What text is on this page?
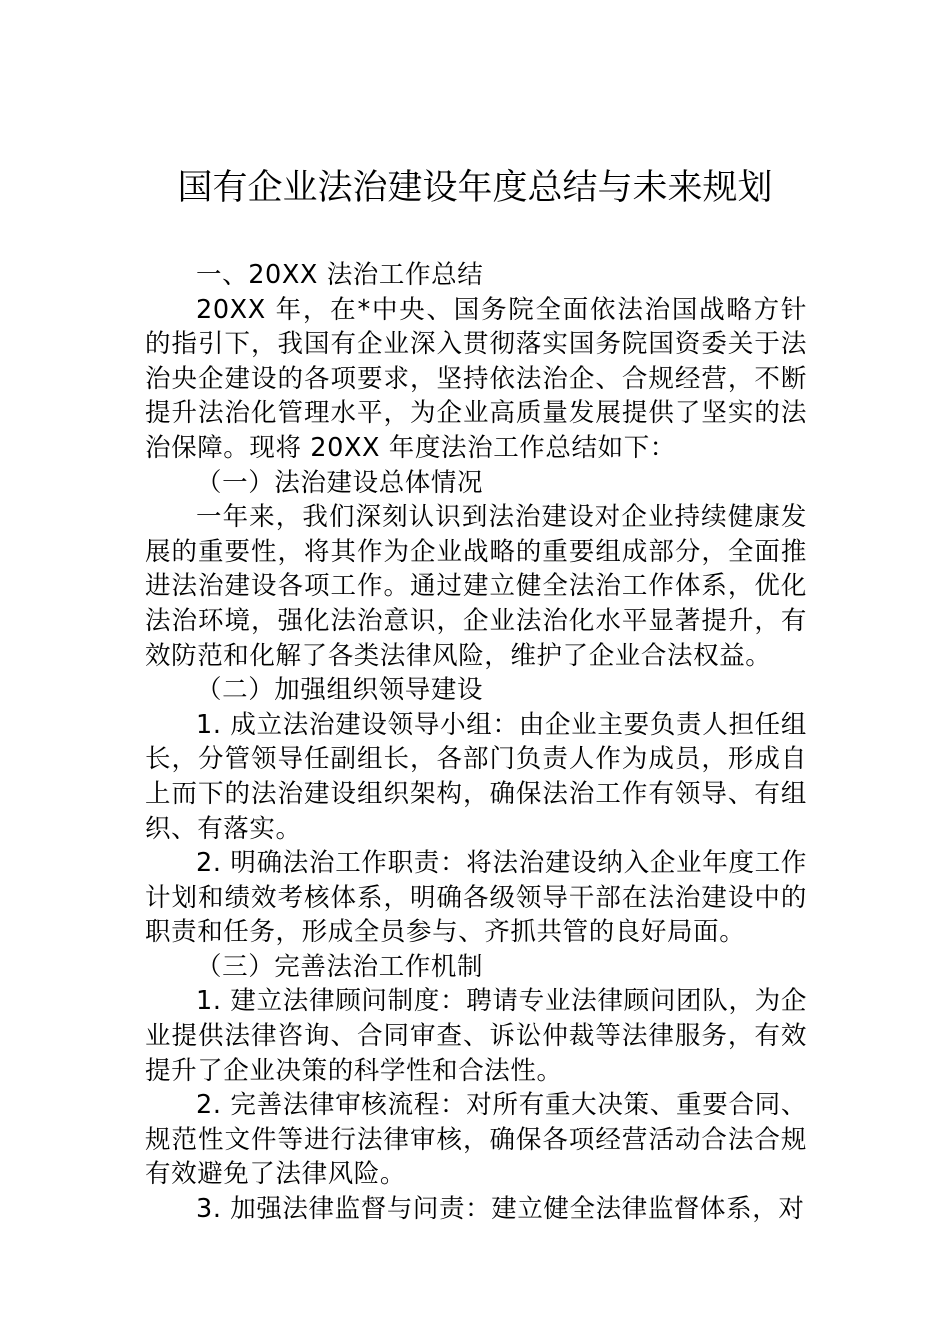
国有企业法治建设年度总结与未来规划

一、20XX 法治工作总结

20XX 年，在*中央、国务院全面依法治国战略方针的指引下，我国有企业深入贯彻落实国务院国资委关于法治央企建设的各项要求，坚持依法治企、合规经营，不断提升法治化管理水平，为企业高质量发展提供了坚实的法治保障。现将 20XX 年度法治工作总结如下：

（一）法治建设总体情况

一年来，我们深刻认识到法治建设对企业持续健康发展的重要性，将其作为企业战略的重要组成部分，全面推进法治建设各项工作。通过建立健全法治工作体系，优化法治环境，强化法治意识，企业法治化水平显著提升，有效防范和化解了各类法律风险，维护了企业合法权益。

（二）加强组织领导建设

1. 成立法治建设领导小组：由企业主要负责人担任组长，分管领导任副组长，各部门负责人作为成员，形成自上而下的法治建设组织架构，确保法治工作有领导、有组织、有落实。

2. 明确法治工作职责：将法治建设纳入企业年度工作计划和绩效考核体系，明确各级领导干部在法治建设中的职责和任务，形成全员参与、齐抓共管的良好局面。

（三）完善法治工作机制

1. 建立法律顾问制度：聘请专业法律顾问团队，为企业提供法律咨询、合同审查、诉讼仲裁等法律服务，有效提升了企业决策的科学性和合法性。

2. 完善法律审核流程：对所有重大决策、重要合同、规范性文件等进行法律审核，确保各项经营活动合法合规有效避免了法律风险。

3. 加强法律监督与问责：建立健全法律监督体系，对
